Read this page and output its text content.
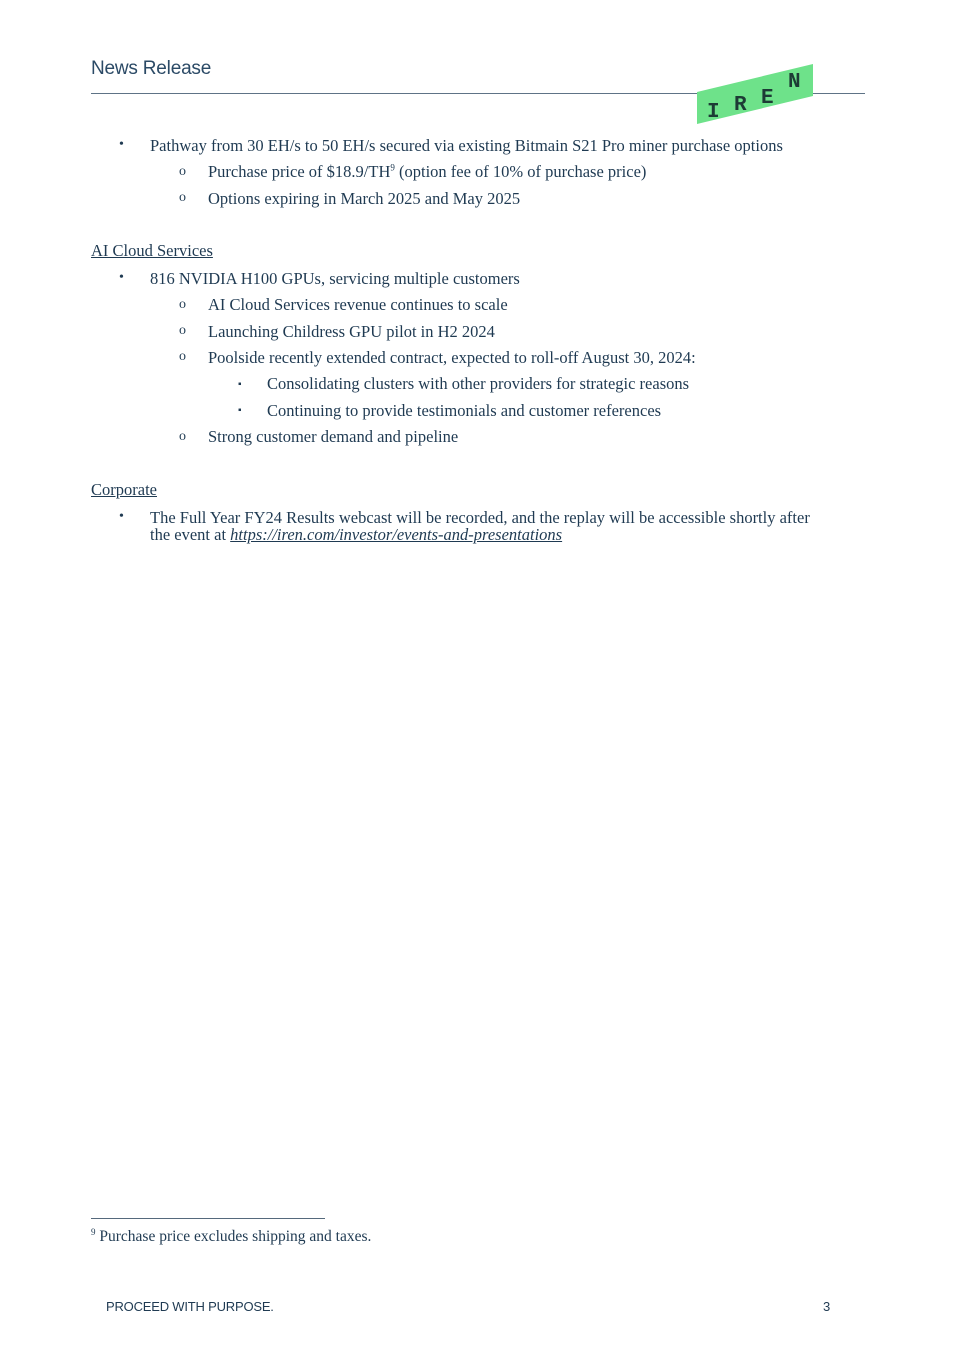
News Release
I R E
N
• Pathway from 30 EH/s to 50 EH/s secured via existing Bitmain S21 Pro miner purchase options
o Purchase price of $\$18.9/TH^9$ (option fee of 10% of purchase price)
o Options expiring in March 2025 and May 2025
AI Cloud Services
• 816 NVIDIA H100 GPUs, servicing multiple customers
o AI Cloud Services revenue continues to scale
o Launching Childress GPU pilot in H2 2024
o Poolside recently extended contract, expected to roll-off August 30, 2024:
▪ Consolidating clusters with other providers for strategic reasons
▪ Continuing to provide testimonials and customer references
o Strong customer demand and pipeline
Corporate
• The Full Year FY24 Results webcast will be recorded, and the replay will be accessible shortly after
the event at https://iren.com/investor/events-and-presentations
$^9$ Purchase price excludes shipping and taxes.
PROCEED WITH PURPOSE.	3
